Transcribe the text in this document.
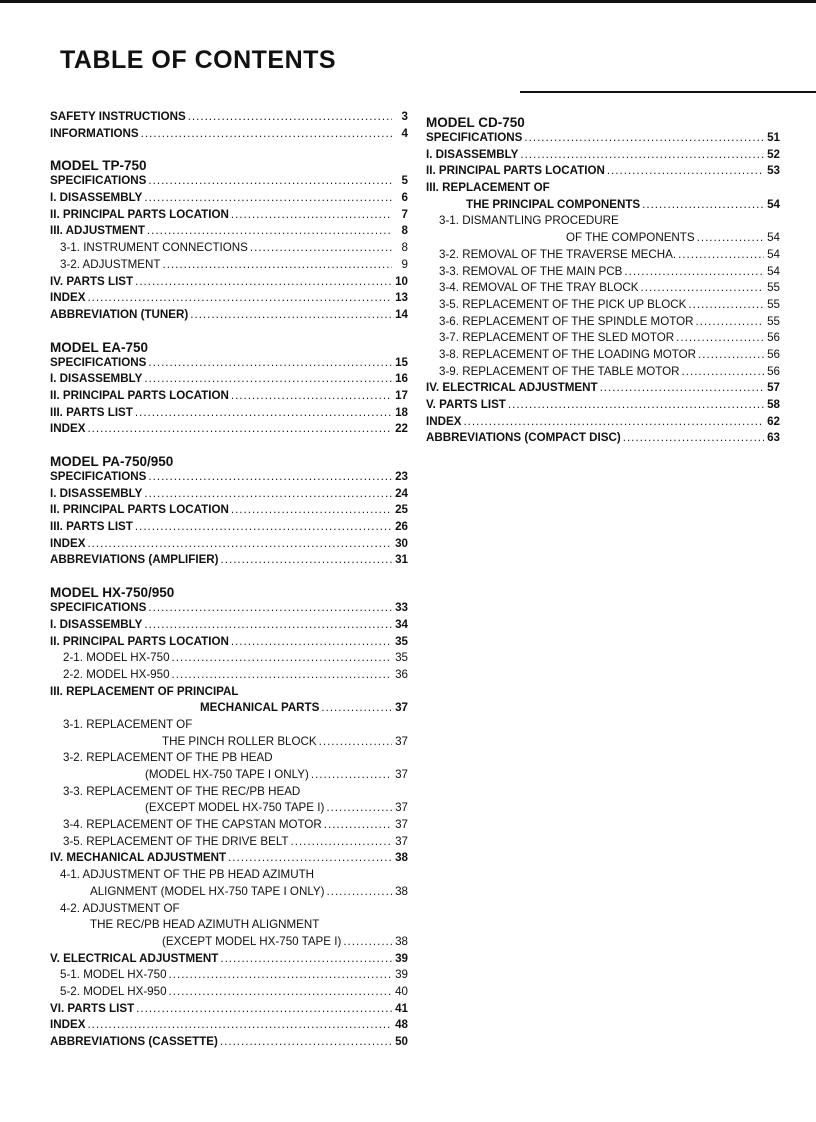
TABLE OF CONTENTS
SAFETY INSTRUCTIONS .....	3
INFORMATIONS .....	4
MODEL TP-750
SPECIFICATIONS .....	5
I. DISASSEMBLY .....	6
II. PRINCIPAL PARTS LOCATION .....	7
III. ADJUSTMENT .....	8
3-1. INSTRUMENT CONNECTIONS .....	8
3-2. ADJUSTMENT .....	9
IV. PARTS LIST .....	10
INDEX .....	13
ABBREVIATION (TUNER) .....	14
MODEL EA-750
SPECIFICATIONS .....	15
I. DISASSEMBLY .....	16
II. PRINCIPAL PARTS LOCATION .....	17
III. PARTS LIST .....	18
INDEX .....	22
MODEL PA-750/950
SPECIFICATIONS .....	23
I. DISASSEMBLY .....	24
II. PRINCIPAL PARTS LOCATION .....	25
III. PARTS LIST .....	26
INDEX .....	30
ABBREVIATIONS (AMPLIFIER) .....	31
MODEL HX-750/950
SPECIFICATIONS .....	33
I. DISASSEMBLY .....	34
II. PRINCIPAL PARTS LOCATION .....	35
2-1. MODEL HX-750 .....	35
2-2. MODEL HX-950 .....	36
III. REPLACEMENT OF PRINCIPAL
MECHANICAL PARTS .....	37
3-1. REPLACEMENT OF
THE PINCH ROLLER BLOCK .....	37
3-2. REPLACEMENT OF THE PB HEAD
(MODEL HX-750 TAPE I ONLY) .....	37
3-3. REPLACEMENT OF THE REC/PB HEAD
(EXCEPT MODEL HX-750 TAPE I) .....	37
3-4. REPLACEMENT OF THE CAPSTAN MOTOR .....	37
3-5. REPLACEMENT OF THE DRIVE BELT .....	37
IV. MECHANICAL ADJUSTMENT .....	38
4-1. ADJUSTMENT OF THE PB HEAD AZIMUTH
ALIGNMENT (MODEL HX-750 TAPE I ONLY) .....	38
4-2. ADJUSTMENT OF
THE REC/PB HEAD AZIMUTH ALIGNMENT
(EXCEPT MODEL HX-750 TAPE I) .....	38
V. ELECTRICAL ADJUSTMENT .....	39
5-1. MODEL HX-750 .....	39
5-2. MODEL HX-950 .....	40
VI. PARTS LIST .....	41
INDEX .....	48
ABBREVIATIONS (CASSETTE) .....	50
MODEL CD-750
SPECIFICATIONS .....	51
I. DISASSEMBLY .....	52
II. PRINCIPAL PARTS LOCATION .....	53
III. REPLACEMENT OF
THE PRINCIPAL COMPONENTS .....	54
3-1. DISMANTLING PROCEDURE
OF THE COMPONENTS .....	54
3-2. REMOVAL OF THE TRAVERSE MECHA. .....	54
3-3. REMOVAL OF THE MAIN PCB .....	54
3-4. REMOVAL OF THE TRAY BLOCK .....	55
3-5. REPLACEMENT OF THE PICK UP BLOCK .....	55
3-6. REPLACEMENT OF THE SPINDLE MOTOR .....	55
3-7. REPLACEMENT OF THE SLED MOTOR .....	56
3-8. REPLACEMENT OF THE LOADING MOTOR .....	56
3-9. REPLACEMENT OF THE TABLE MOTOR .....	56
IV. ELECTRICAL ADJUSTMENT .....	57
V. PARTS LIST .....	58
INDEX .....	62
ABBREVIATIONS (COMPACT DISC) .....	63
